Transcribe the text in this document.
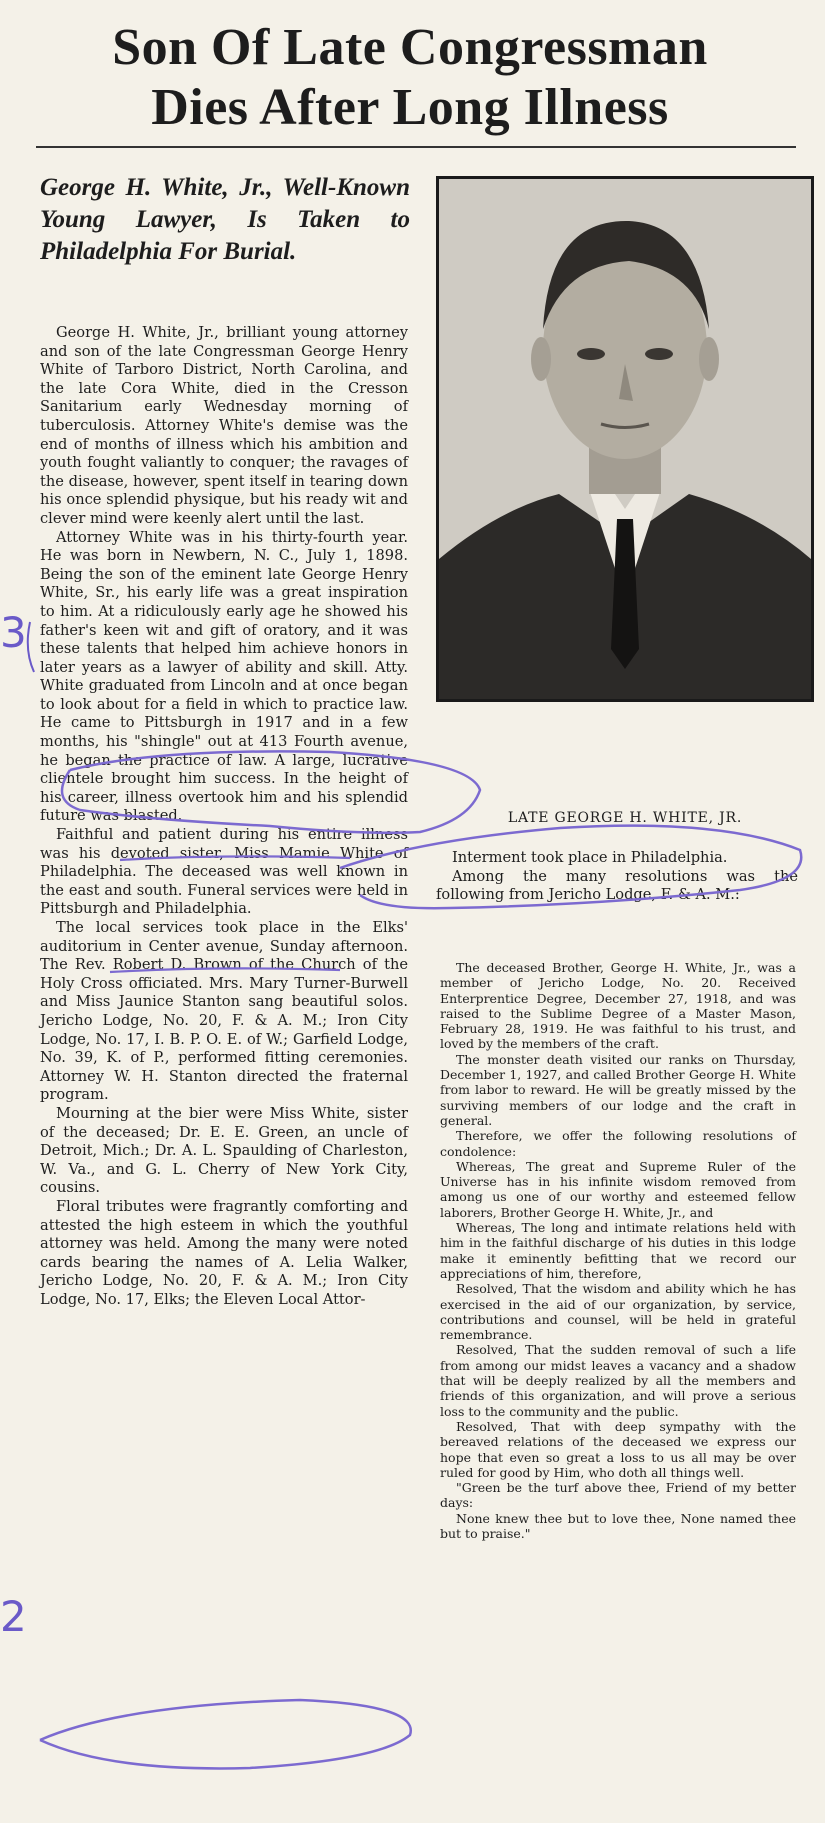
Son Of Late Congressman
Dies After Long Illness
George H. White, Jr., Well-Known Young Lawyer, Is Taken to Philadelphia For Burial.

George H. White, Jr., brilliant young attorney and son of the late Congressman George Henry White of Tarboro District, North Carolina, and the late Cora White, died in the Cresson Sanitarium early Wednesday morning of tuberculosis. Attorney White's demise was the end of months of illness which his ambition and youth fought valiantly to conquer; the ravages of the disease, however, spent itself in tearing down his once splendid physique, but his ready wit and clever mind were keenly alert until the last.

Attorney White was in his thirty-fourth year. He was born in Newbern, N. C., July 1, 1898. Being the son of the eminent late George Henry White, Sr., his early life was a great inspiration to him. At a ridiculously early age he showed his father's keen wit and gift of oratory, and it was these talents that helped him achieve honors in later years as a lawyer of ability and skill. Atty. White graduated from Lincoln and at once began to look about for a field in which to practice law. He came to Pittsburgh in 1917 and in a few months, his "shingle" out at 413 Fourth avenue, he began the practice of law. A large, lucrative clientele brought him success. In the height of his career, illness overtook him and his splendid future was blasted.

Faithful and patient during his entire illness was his devoted sister, Miss Mamie White of Philadelphia. The deceased was well known in the east and south. Funeral services were held in Pittsburgh and Philadelphia.

The local services took place in the Elks' auditorium in Center avenue, Sunday afternoon. The Rev. Robert D. Brown of the Church of the Holy Cross officiated. Mrs. Mary Turner-Burwell and Miss Jaunice Stanton sang beautiful solos. Jericho Lodge, No. 20, F. & A. M.; Iron City Lodge, No. 17, I. B. P. O. E. of W.; Garfield Lodge, No. 39, K. of P., performed fitting ceremonies. Attorney W. H. Stanton directed the fraternal program.

Mourning at the bier were Miss White, sister of the deceased; Dr. E. E. Green, an uncle of Detroit, Mich.; Dr. A. L. Spaulding of Charleston, W. Va., and G. L. Cherry of New York City, cousins.

Floral tributes were fragrantly comforting and attested the high esteem in which the youthful attorney was held. Among the many were noted cards bearing the names of A. Lelia Walker, Jericho Lodge, No. 20, F. & A. M.; Iron City Lodge, No. 17, Elks; the Eleven Local Attor-

LATE GEORGE H. WHITE, JR.

Interment took place in Philadelphia.

Among the many resolutions was the following from Jericho Lodge, F. & A. M.:

The deceased Brother, George H. White, Jr., was a member of Jericho Lodge, No. 20. Received Enterprentice Degree, December 27, 1918, and was raised to the Sublime Degree of a Master Mason, February 28, 1919. He was faithful to his trust, and loved by the members of the craft.

The monster death visited our ranks on Thursday, December 1, 1927, and called Brother George H. White from labor to reward. He will be greatly missed by the surviving members of our lodge and the craft in general.

Therefore, we offer the following resolutions of condolence:

Whereas, The great and Supreme Ruler of the Universe has in his infinite wisdom removed from among us one of our worthy and esteemed fellow laborers, Brother George H. White, Jr., and

Whereas, The long and intimate relations held with him in the faithful discharge of his duties in this lodge make it eminently befitting that we record our appreciations of him, therefore,

Resolved, That the wisdom and ability which he has exercised in the aid of our organization, by service, contributions and counsel, will be held in grateful remembrance.

Resolved, That the sudden removal of such a life from among our midst leaves a vacancy and a shadow that will be deeply realized by all the members and friends of this organization, and will prove a serious loss to the community and the public.

Resolved, That with deep sympathy with the bereaved relations of the deceased we express our hope that even so great a loss to us all may be over ruled for good by Him, who doth all things well.

"Green be the turf above thee, Friend of my better days:

None knew thee but to love thee, None named thee but to praise."

3
2
